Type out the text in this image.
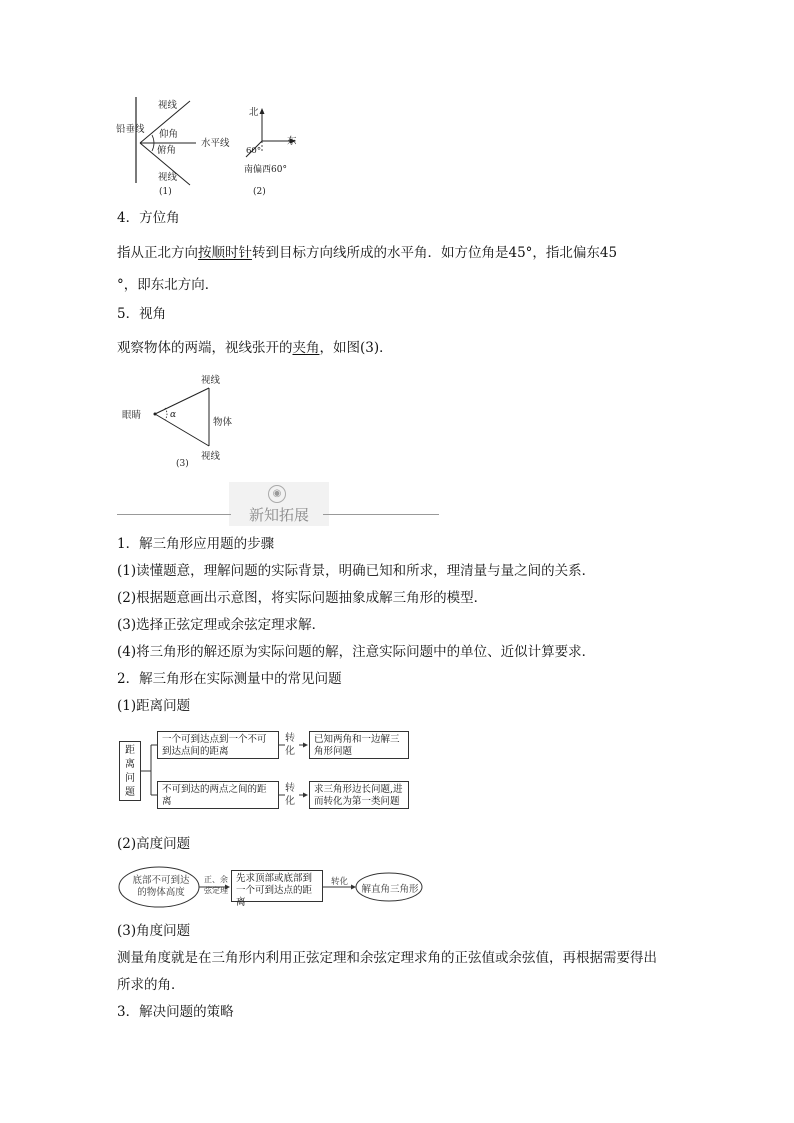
铅垂线
视线
仰角
水平线
俯角
视线
(1)
北
东
60°
南偏西60°
(2)
4．方位角
指从正北方向按顺时针转到目标方向线所成的水平角．如方位角是45°，指北偏东45
°，即东北方向．
5．视角
观察物体的两端，视线张开的夹角，如图(3)．
视线
眼睛	α
物体
视线
(3)
◉
新知拓展
1．解三角形应用题的步骤
(1)读懂题意，理解问题的实际背景，明确已知和所求，理清量与量之间的关系．
(2)根据题意画出示意图，将实际问题抽象成解三角形的模型．
(3)选择正弦定理或余弦定理求解．
(4)将三角形的解还原为实际问题的解，注意实际问题中的单位、近似计算要求．
2．解三角形在实际测量中的常见问题
(1)距离问题
距离问题
一个可到达点到一个不可到达点间的距离
转化
已知两角和一边解三角形问题
不可到达的两点之间的距离
转化
求三角形边长问题,进而转化为第一类问题
(2)高度问题
底部不可到达的物体高度
正、余弦定理
先求顶部或底部到一个可到达点的距离
转化
解直角三角形
(3)角度问题
测量角度就是在三角形内利用正弦定理和余弦定理求角的正弦值或余弦值，再根据需要得出
所求的角．
3．解决问题的策略
